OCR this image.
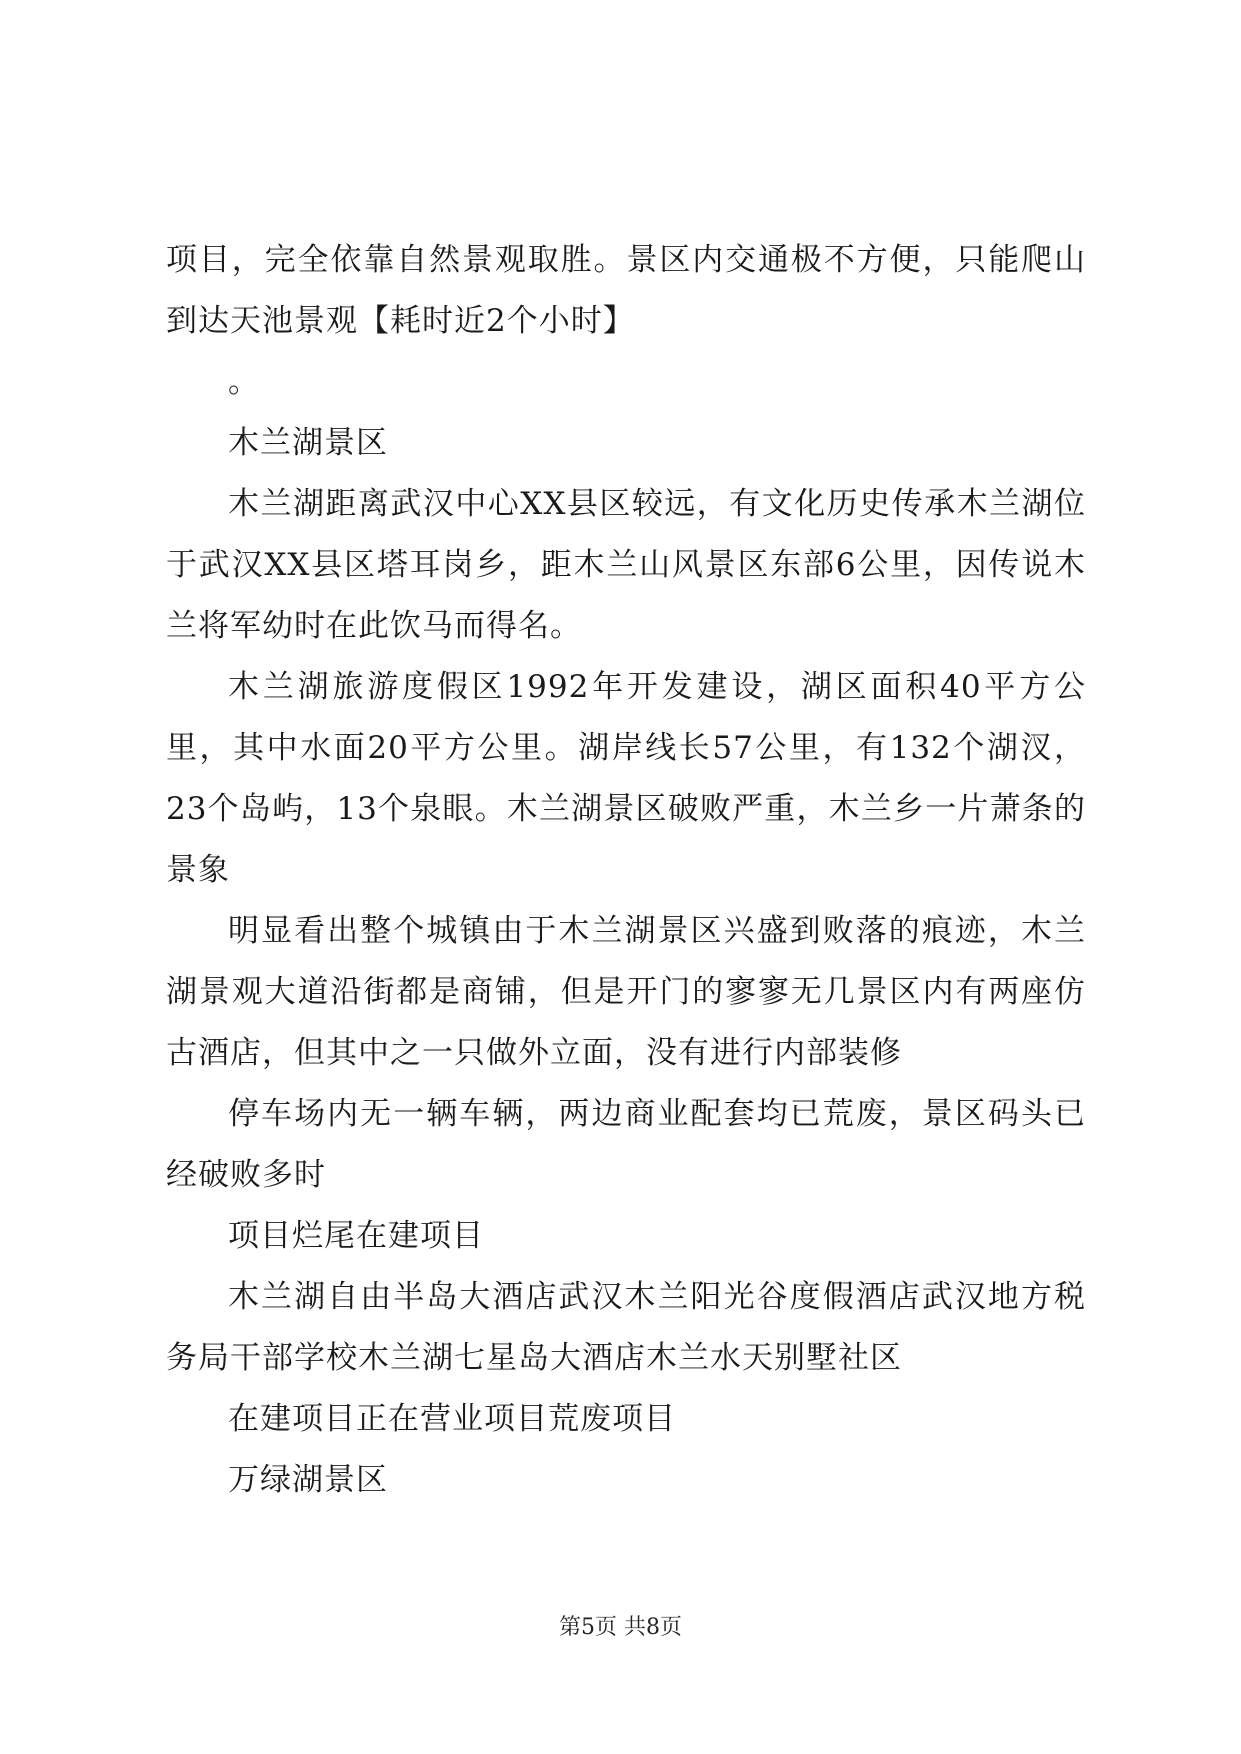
项目，完全依靠自然景观取胜。景区内交通极不方便，只能爬山到达天池景观【耗时近2个小时】

。

木兰湖景区

木兰湖距离武汉中心XX县区较远，有文化历史传承木兰湖位于武汉XX县区塔耳岗乡，距木兰山风景区东部6公里，因传说木兰将军幼时在此饮马而得名。

木兰湖旅游度假区1992年开发建设，湖区面积40平方公里，其中水面20平方公里。湖岸线长57公里，有132个湖汊，23个岛屿，13个泉眼。木兰湖景区破败严重，木兰乡一片萧条的景象

明显看出整个城镇由于木兰湖景区兴盛到败落的痕迹，木兰湖景观大道沿街都是商铺，但是开门的寥寥无几景区内有两座仿古酒店，但其中之一只做外立面，没有进行内部装修

停车场内无一辆车辆，两边商业配套均已荒废，景区码头已经破败多时

项目烂尾在建项目

木兰湖自由半岛大酒店武汉木兰阳光谷度假酒店武汉地方税务局干部学校木兰湖七星岛大酒店木兰水天别墅社区

在建项目正在营业项目荒废项目

万绿湖景区

第5页 共8页
